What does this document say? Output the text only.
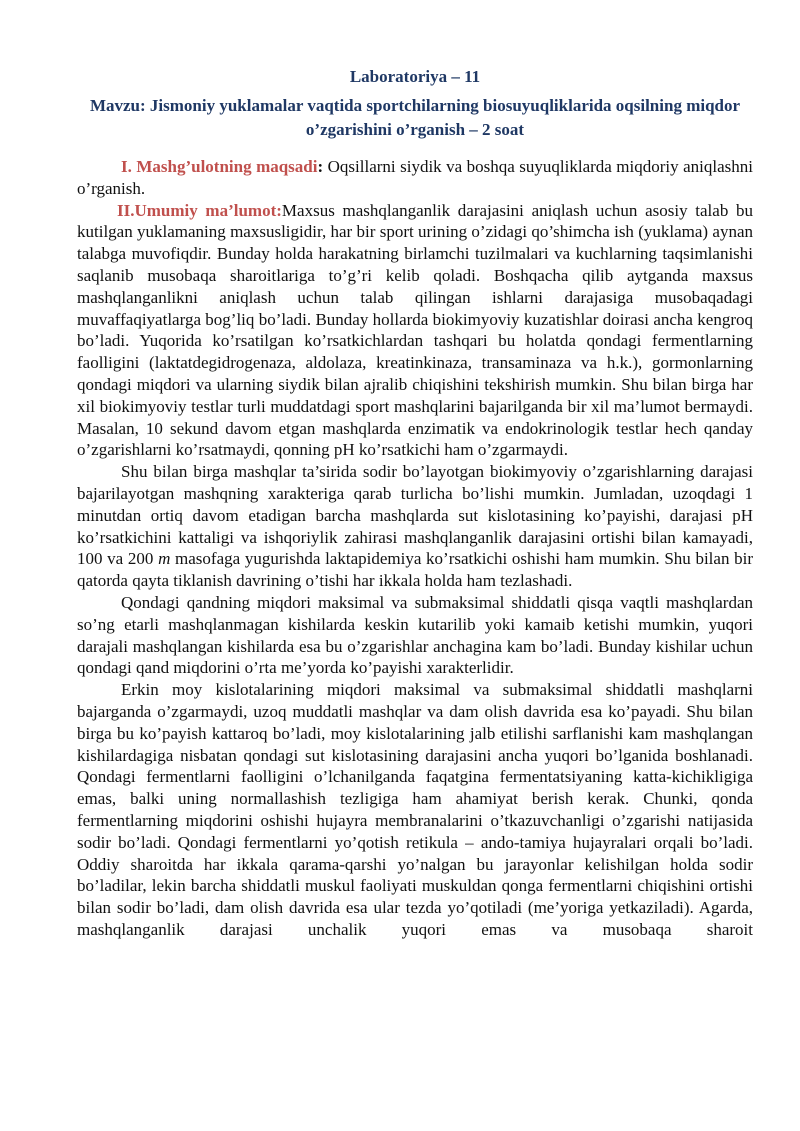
Laboratoriya – 11
Mavzu: Jismoniy yuklamalar vaqtida sportchilarning biosuyuqliklarida oqsilning miqdor o’zgarishini o’rganish – 2 soat

I. Mashg’ulotning maqsadi: Oqsillarni siydik va boshqa suyuqliklarda miqdoriy aniqlashni o’rganish.

II.Umumiy ma’lumot:Maxsus mashqlanganlik darajasini aniqlash uchun asosiy talab bu kutilgan yuklamaning maxsusligidir, har bir sport urining o’zidagi qo’shimcha ish (yuklama) aynan talabga muvofiqdir. Bunday holda harakatning birlamchi tuzilmalari va kuchlarning taqsimlanishi saqlanib musobaqa sharoitlariga to’g’ri kelib qoladi. Boshqacha qilib aytganda maxsus mashqlanganlikni aniqlash uchun talab qilingan ishlarni darajasiga musobaqadagi muvaffaqiyatlarga bog’liq bo’ladi. Bunday hollarda biokimyoviy kuzatishlar doirasi ancha kengroq bo’ladi. Yuqorida ko’rsatilgan ko’rsatkichlardan tashqari bu holatda qondagi fermentlarning faolligini (laktatdegidrogenaza, aldolaza, kreatinkinaza, transaminaza va h.k.), gormonlarning qondagi miqdori va ularning siydik bilan ajralib chiqishini tekshirish mumkin. Shu bilan birga har xil biokimyoviy testlar turli muddatdagi sport mashqlarini bajarilganda bir xil ma’lumot bermaydi. Masalan, 10 sekund davom etgan mashqlarda enzimatik va endokrinologik testlar hech qanday o’zgarishlarni ko’rsatmaydi, qonning pH ko’rsatkichi ham o’zgarmaydi.

Shu bilan birga mashqlar ta’sirida sodir bo’layotgan biokimyoviy o’zgarishlarning darajasi bajarilayotgan mashqning xarakteriga qarab turlicha bo’lishi mumkin. Jumladan, uzoqdagi 1 minutdan ortiq davom etadigan barcha mashqlarda sut kislotasining ko’payishi, darajasi pH ko’rsatkichini kattaligi va ishqoriylik zahirasi mashqlanganlik darajasini ortishi bilan kamayadi, 100 va 200 m masofaga yugurishda laktapidemiya ko’rsatkichi oshishi ham mumkin. Shu bilan bir qatorda qayta tiklanish davrining o’tishi har ikkala holda ham tezlashadi.

Qondagi qandning miqdori maksimal va submaksimal shiddatli qisqa vaqtli mashqlardan so’ng etarli mashqlanmagan kishilarda keskin kutarilib yoki kamaib ketishi mumkin, yuqori darajali mashqlangan kishilarda esa bu o’zgarishlar anchagina kam bo’ladi. Bunday kishilar uchun qondagi qand miqdorini o’rta me’yorda ko’payishi xarakterlidir.

Erkin moy kislotalarining miqdori maksimal va submaksimal shiddatli mashqlarni bajarganda o’zgarmaydi, uzoq muddatli mashqlar va dam olish davrida esa ko’payadi. Shu bilan birga bu ko’payish kattaroq bo’ladi, moy kislotalarining jalb etilishi sarflanishi kam mashqlangan kishilardagiga nisbatan qondagi sut kislotasining darajasini ancha yuqori bo’lganida boshlanadi. Qondagi fermentlarni faolligini o’lchanilganda faqatgina fermentatsiyaning katta-kichikligiga emas, balki uning normallashish tezligiga ham ahamiyat berish kerak. Chunki, qonda fermentlarning miqdorini oshishi hujayra membranalarini o’tkazuvchanligi o’zgarishi natijasida sodir bo’ladi. Qondagi fermentlarni yo’qotish retikula – ando-tamiya hujayralari orqali bo’ladi. Oddiy sharoitda har ikkala qarama-qarshi yo’nalgan bu jarayonlar kelishilgan holda sodir bo’ladilar, lekin barcha shiddatli muskul faoliyati muskuldan qonga fermentlarni chiqishini ortishi bilan sodir bo’ladi, dam olish davrida esa ular tezda yo’qotiladi (me’yoriga yetkaziladi). Agarda, mashqlanganlik darajasi unchalik yuqori emas va musobaqa sharoit
